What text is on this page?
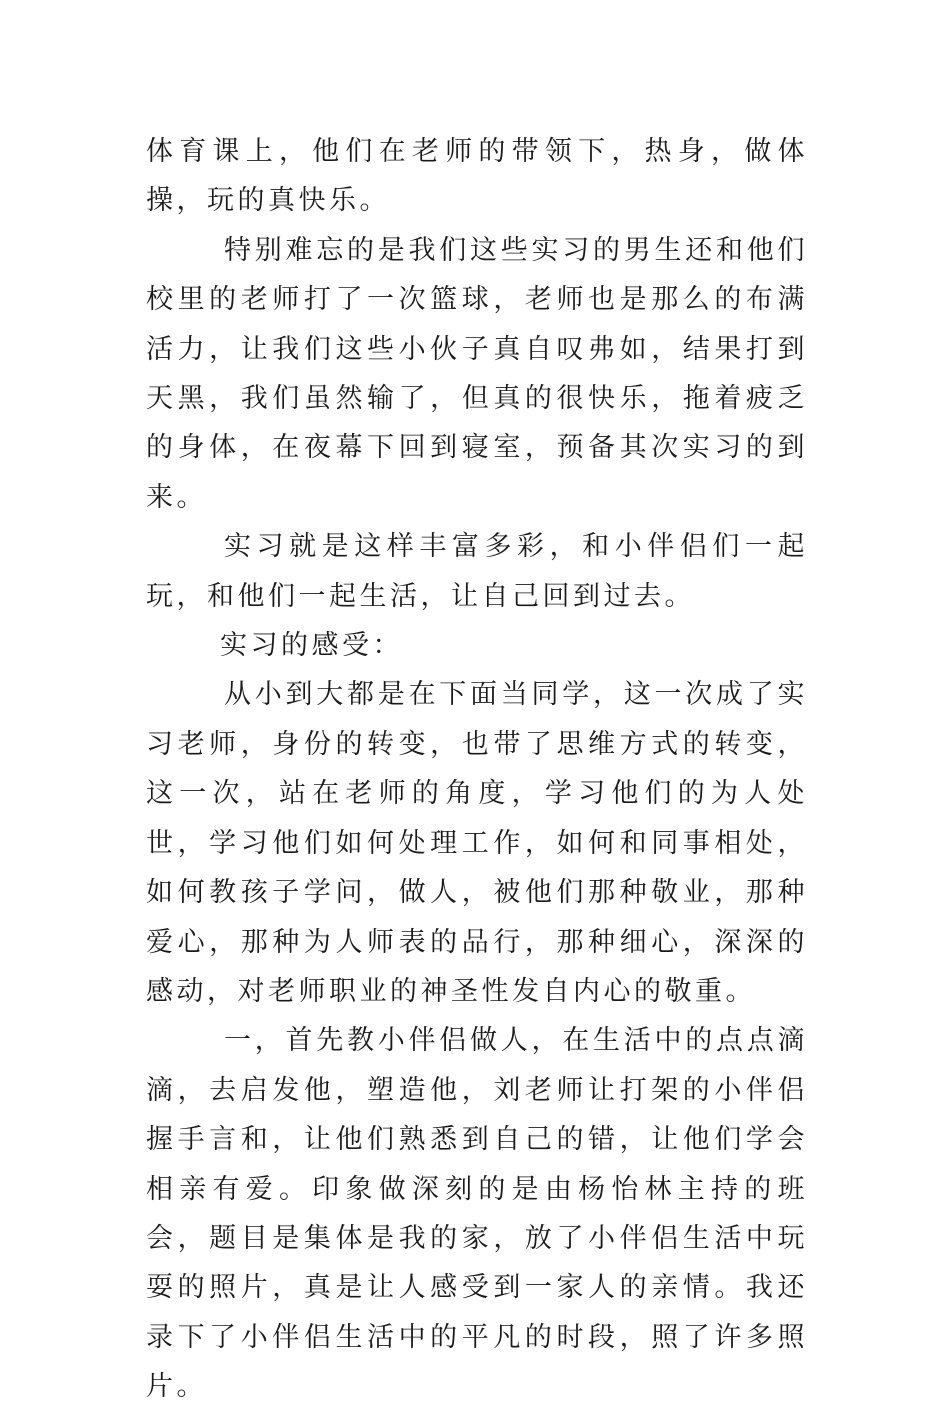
体育课上，他们在老师的带领下，热身，做体操，玩的真快乐。

特别难忘的是我们这些实习的男生还和他们校里的老师打了一次篮球，老师也是那么的布满活力，让我们这些小伙子真自叹弗如，结果打到天黑，我们虽然输了，但真的很快乐，拖着疲乏的身体，在夜幕下回到寝室，预备其次实习的到来。

实习就是这样丰富多彩，和小伴侣们一起玩，和他们一起生活，让自己回到过去。

实习的感受：

从小到大都是在下面当同学，这一次成了实习老师，身份的转变，也带了思维方式的转变，这一次，站在老师的角度，学习他们的为人处世，学习他们如何处理工作，如何和同事相处，如何教孩子学问，做人，被他们那种敬业，那种爱心，那种为人师表的品行，那种细心，深深的感动，对老师职业的神圣性发自内心的敬重。

一，首先教小伴侣做人，在生活中的点点滴滴，去启发他，塑造他，刘老师让打架的小伴侣握手言和，让他们熟悉到自己的错，让他们学会相亲有爱。印象做深刻的是由杨怡林主持的班会，题目是集体是我的家，放了小伴侣生活中玩耍的照片，真是让人感受到一家人的亲情。我还录下了小伴侣生活中的平凡的时段，照了许多照片。
